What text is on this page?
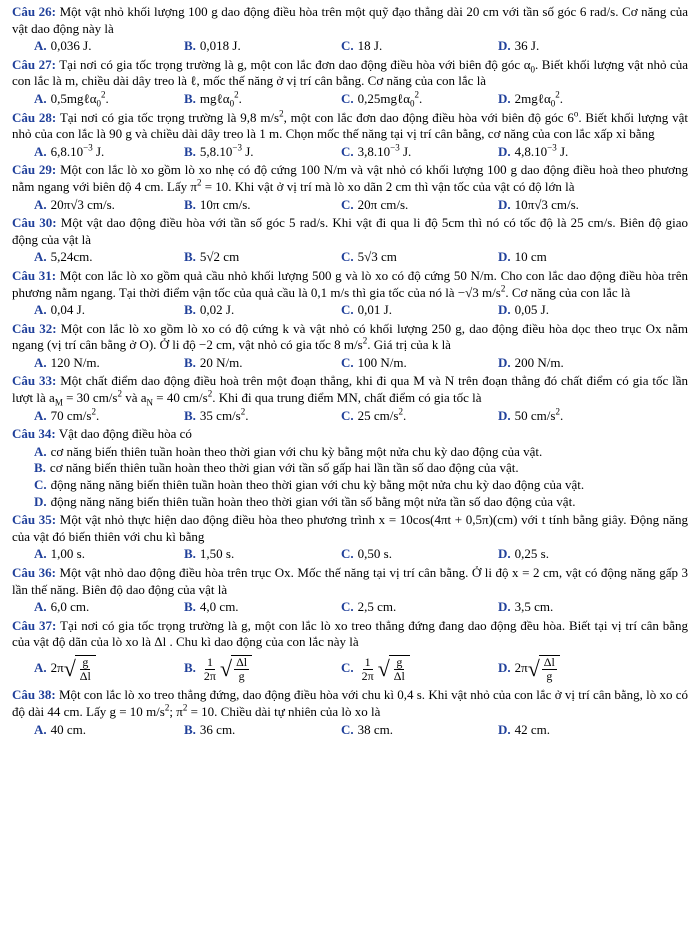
Câu 26: Một vật nhỏ khối lượng 100 g dao động điều hòa trên một quỹ đạo thẳng dài 20 cm với tần số góc 6 rad/s. Cơ năng của vật dao động này là
A. 0,036 J.	B. 0,018 J.	C. 18 J.	D. 36 J.
Câu 27: Tại nơi có gia tốc trọng trường là g, một con lắc đơn dao động điều hòa với biên độ góc $\alpha_0$. Biết khối lượng vật nhỏ của con lắc là m, chiều dài dây treo là ℓ, mốc thế năng ở vị trí cân bằng. Cơ năng của con lắc là
A. 0,5mgℓα$_0^2$.	B. mgℓα$_0^2$.	C. 0,25mgℓα$_0^2$.	D. 2mgℓα$_0^2$.
Câu 28: Tại nơi có gia tốc trọng trường là 9,8 $m/s^2$, một con lắc đơn dao động điều hòa với biên độ góc 6$^o$. Biết khối lượng vật nhỏ của con lắc là 90 g và chiều dài dây treo là 1 m. Chọn mốc thế năng tại vị trí cân bằng, cơ năng của con lắc xấp xỉ bằng
A. $6,8.10^{-3}$ J.	B. $5,8.10^{-3}$ J.	C. $3,8.10^{-3}$ J.	D. $4,8.10^{-3}$ J.
Câu 29: Một con lắc lò xo gồm lò xo nhẹ có độ cứng 100 N/m và vật nhỏ có khối lượng 100 g dao động điều hoà theo phương nằm ngang với biên độ 4 cm. Lấy $\pi^2 = 10$. Khi vật ở vị trí mà lò xo dãn 2 cm thì vận tốc của vật có độ lớn là
A. 20π√3 cm/s.	B. 10π cm/s.	C. 20π cm/s.	D. 10π√3 cm/s.
Câu 30: Một vật dao động điều hòa với tần số góc 5 rad/s. Khi vật đi qua li độ 5cm thì nó có tốc độ là 25 cm/s. Biên độ giao động của vật là
A. 5,24cm.	B. 5√2 cm	C. 5√3 cm	D. 10 cm
Câu 31: Một con lắc lò xo gồm quả cầu nhỏ khối lượng 500 g và lò xo có độ cứng 50 N/m. Cho con lắc dao động điều hòa trên phương nằm ngang. Tại thời điểm vận tốc của quả cầu là 0,1 m/s thì gia tốc của nó là −√3 $m/s^2$. Cơ năng của con lắc là
A. 0,04 J.	B. 0,02 J.	C. 0,01 J.	D. 0,05 J.
Câu 32: Một con lắc lò xo gồm lò xo có độ cứng k và vật nhỏ có khối lượng 250 g, dao động điều hòa dọc theo trục Ox nằm ngang (vị trí cân bằng ở O). Ở li độ −2 cm, vật nhỏ có gia tốc 8 $m/s^2$. Giá trị của k là
A. 120 N/m.	B. 20 N/m.	C. 100 N/m.	D. 200 N/m.
Câu 33: Một chất điểm dao động điều hoà trên một đoạn thẳng, khi đi qua M và N trên đoạn thẳng đó chất điểm có gia tốc lần lượt là $a_M = 30$ $cm/s^2$ và $a_N = 40$ $cm/s^2$. Khi đi qua trung điểm MN, chất điểm có gia tốc là
A. 70 $cm/s^2$.	B. 35 $cm/s^2$.	C. 25 $cm/s^2$.	D. 50 $cm/s^2$.
Câu 34: Vật dao động điều hòa có
A. cơ năng biến thiên tuần hoàn theo thời gian với chu kỳ bằng một nửa chu kỳ dao động của vật.
B. cơ năng biến thiên tuần hoàn theo thời gian với tần số gấp hai lần tần số dao động của vật.
C. động năng năng biến thiên tuần hoàn theo thời gian với chu kỳ bằng một nửa chu kỳ dao động của vật.
D. động năng năng biến thiên tuần hoàn theo thời gian với tần số bằng một nửa tần số dao động của vật.
Câu 35: Một vật nhỏ thực hiện dao động điều hòa theo phương trình x = 10cos(4πt + 0,5π)(cm) với t tính bằng giây. Động năng của vật đó biến thiên với chu kì bằng
A. 1,00 s.	B. 1,50 s.	C. 0,50 s.	D. 0,25 s.
Câu 36: Một vật nhỏ dao động điều hòa trên trục Ox. Mốc thế năng tại vị trí cân bằng. Ở li độ x = 2 cm, vật có động năng gấp 3 lần thế năng. Biên độ dao động của vật là
A. 6,0 cm.	B. 4,0 cm.	C. 2,5 cm.	D. 3,5 cm.
Câu 37: Tại nơi có gia tốc trọng trường là g, một con lắc lò xo treo thẳng đứng đang dao động đều hòa. Biết tại vị trí cân bằng của vật độ dãn của lò xo là Δl . Chu kì dao động của con lắc này là
A. 2π √ $\frac{g}{\Delta l}$	B. $\frac{1}{2\pi}$ √ $\frac{\Delta l}{g}$	C. $\frac{1}{2\pi}$ √ $\frac{g}{\Delta l}$	D. 2π √ $\frac{\Delta l}{g}$
Câu 38: Một con lắc lò xo treo thẳng đứng, dao động điều hòa với chu kì 0,4 s. Khi vật nhỏ của con lắc ở vị trí cân bằng, lò xo có độ dài 44 cm. Lấy g = 10 $m/s^2$; $\pi^2 = 10$. Chiều dài tự nhiên của lò xo là
A. 40 cm.	B. 36 cm.	C. 38 cm.	D. 42 cm.
